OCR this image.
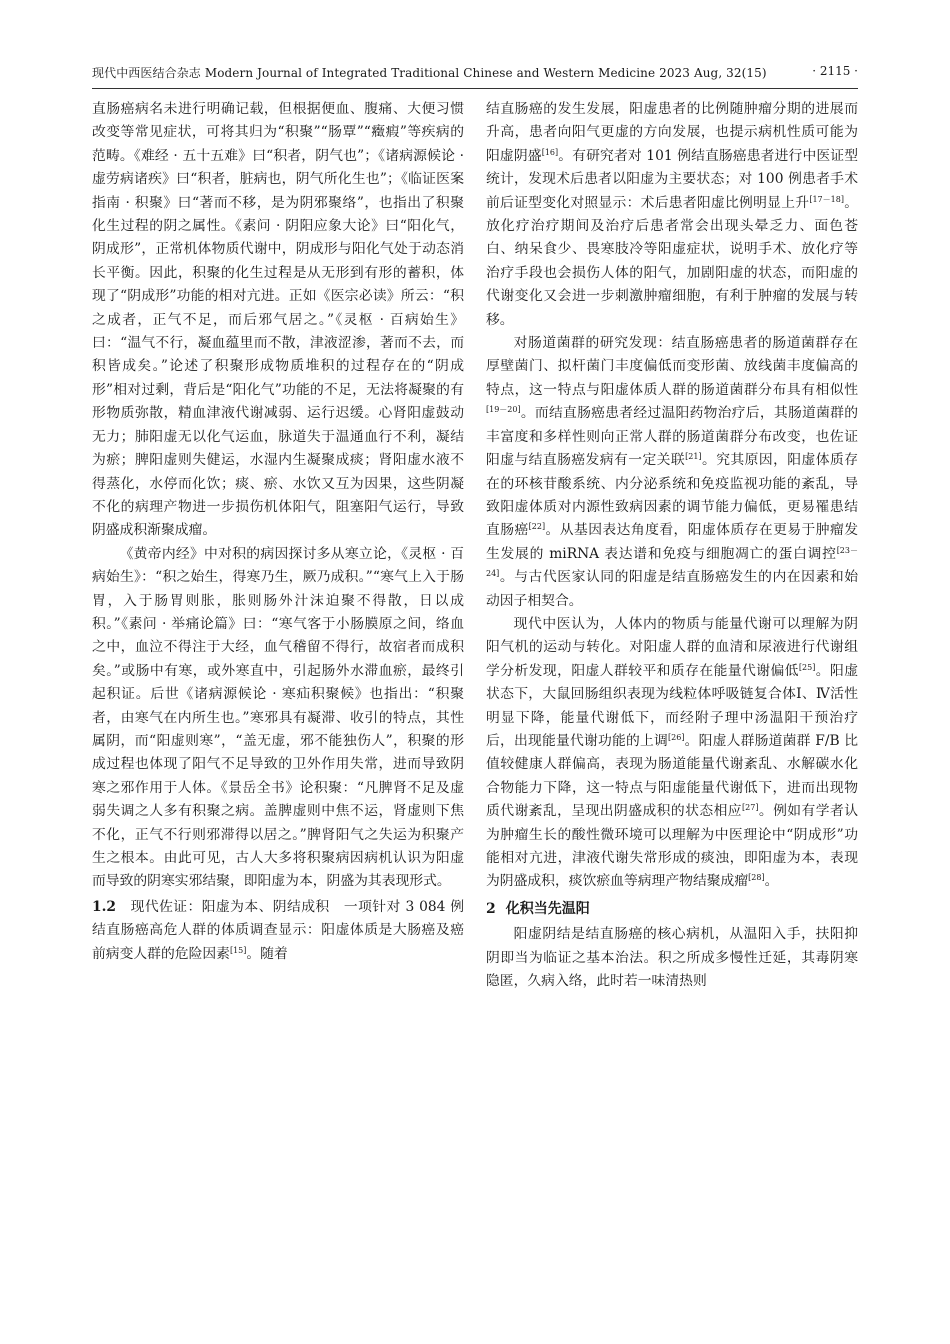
现代中西医结合杂志 Modern Journal of Integrated Traditional Chinese and Western Medicine 2023 Aug, 32(15)	· 2115 ·

直肠癌病名未进行明确记载，但根据便血、腹痛、大便习惯改变等常见症状，可将其归为“积聚”“肠覃”“癥瘕”等疾病的范畴。《难经 · 五十五难》曰“积者，阴气也”；《诸病源候论 · 虚劳病诸疾》曰“积者，脏病也，阴气所化生也”；《临证医案指南 · 积聚》曰“著而不移，是为阴邪聚络”，也指出了积聚化生过程的阴之属性。《素问 · 阴阳应象大论》曰“阳化气，阴成形”，正常机体物质代谢中，阴成形与阳化气处于动态消长平衡。因此，积聚的化生过程是从无形到有形的蓄积，体现了“阴成形”功能的相对亢进。正如《医宗必读》所云：“积之成者，正气不足，而后邪气居之。”《灵枢 · 百病始生》曰：“温气不行，凝血蕴里而不散，津液涩渗，著而不去，而积皆成矣。”论述了积聚形成物质堆积的过程存在的“阴成形”相对过剩，背后是“阳化气”功能的不足，无法将凝聚的有形物质弥散，精血津液代谢减弱、运行迟缓。心肾阳虚鼓动无力；肺阳虚无以化气运血，脉道失于温通血行不利，凝结为瘀；脾阳虚则失健运，水湿内生凝聚成痰；肾阳虚水液不得蒸化，水停而化饮；痰、瘀、水饮又互为因果，这些阴凝不化的病理产物进一步损伤机体阳气，阻塞阳气运行，导致阴盛成积渐聚成瘤。

《黄帝内经》中对积的病因探讨多从寒立论，《灵枢 · 百病始生》：“积之始生，得寒乃生，厥乃成积。”“寒气上入于肠胃，入于肠胃则胀，胀则肠外汁沫迫聚不得散，日以成积。”《素问 · 举痛论篇》曰：“寒气客于小肠膜原之间，络血之中，血泣不得注于大经，血气稽留不得行，故宿者而成积矣。”或肠中有寒，或外寒直中，引起肠外水滞血瘀，最终引起积证。后世《诸病源候论 · 寒疝积聚候》也指出：“积聚者，由寒气在内所生也。”寒邪具有凝滞、收引的特点，其性属阴，而“阳虚则寒”，“盖无虚，邪不能独伤人”，积聚的形成过程也体现了阳气不足导致的卫外作用失常，进而导致阴寒之邪作用于人体。《景岳全书》论积聚：“凡脾肾不足及虚弱失调之人多有积聚之病。盖脾虚则中焦不运，肾虚则下焦不化，正气不行则邪滞得以居之。”脾肾阳气之失运为积聚产生之根本。由此可见，古人大多将积聚病因病机认识为阳虚而导致的阴寒实邪结聚，即阳虚为本，阴盛为其表现形式。

1.2　 现代佐证：阳虚为本、阴结成积　 一项针对 3 084 例结直肠癌高危人群的体质调查显示：阳虚体质是大肠癌及癌前病变人群的危险因素[15]。随着

结直肠癌的发生发展，阳虚患者的比例随肿瘤分期的进展而升高，患者向阳气更虚的方向发展，也提示病机性质可能为阳虚阴盛[16]。有研究者对 101 例结直肠癌患者进行中医证型统计，发现术后患者以阳虚为主要状态；对 100 例患者手术前后证型变化对照显示：术后患者阳虚比例明显上升[17－18]。放化疗治疗期间及治疗后患者常会出现头晕乏力、面色苍白、纳呆食少、畏寒肢冷等阳虚症状，说明手术、放化疗等治疗手段也会损伤人体的阳气，加剧阳虚的状态，而阳虚的代谢变化又会进一步刺激肿瘤细胞，有利于肿瘤的发展与转移。

对肠道菌群的研究发现：结直肠癌患者的肠道菌群存在厚壁菌门、拟杆菌门丰度偏低而变形菌、放线菌丰度偏高的特点，这一特点与阳虚体质人群的肠道菌群分布具有相似性[19－20]。而结直肠癌患者经过温阳药物治疗后，其肠道菌群的丰富度和多样性则向正常人群的肠道菌群分布改变，也佐证阳虚与结直肠癌发病有一定关联[21]。究其原因，阳虚体质存在的环核苷酸系统、内分泌系统和免疫监视功能的紊乱，导致阳虚体质对内源性致病因素的调节能力偏低，更易罹患结直肠癌[22]。从基因表达角度看，阳虚体质存在更易于肿瘤发生发展的 miRNA 表达谱和免疫与细胞凋亡的蛋白调控[23－24]。与古代医家认同的阳虚是结直肠癌发生的内在因素和始动因子相契合。

现代中医认为，人体内的物质与能量代谢可以理解为阴阳气机的运动与转化。对阳虚人群的血清和尿液进行代谢组学分析发现，阳虚人群较平和质存在能量代谢偏低[25]。阳虚状态下，大鼠回肠组织表现为线粒体呼吸链复合体Ⅰ、Ⅳ活性明显下降，能量代谢低下，而经附子理中汤温阳干预治疗后，出现能量代谢功能的上调[26]。阳虚人群肠道菌群 F/B 比值较健康人群偏高，表现为肠道能量代谢紊乱、水解碳水化合物能力下降，这一特点与阳虚能量代谢低下，进而出现物质代谢紊乱，呈现出阴盛成积的状态相应[27]。例如有学者认为肿瘤生长的酸性微环境可以理解为中医理论中“阴成形”功能相对亢进，津液代谢失常形成的痰浊，即阳虚为本，表现为阴盛成积，痰饮瘀血等病理产物结聚成瘤[28]。

2 化积当先温阳

阳虚阴结是结直肠癌的核心病机，从温阳入手，扶阳抑阴即当为临证之基本治法。积之所成多慢性迁延，其毒阴寒隐匿，久病入络，此时若一味清热则
